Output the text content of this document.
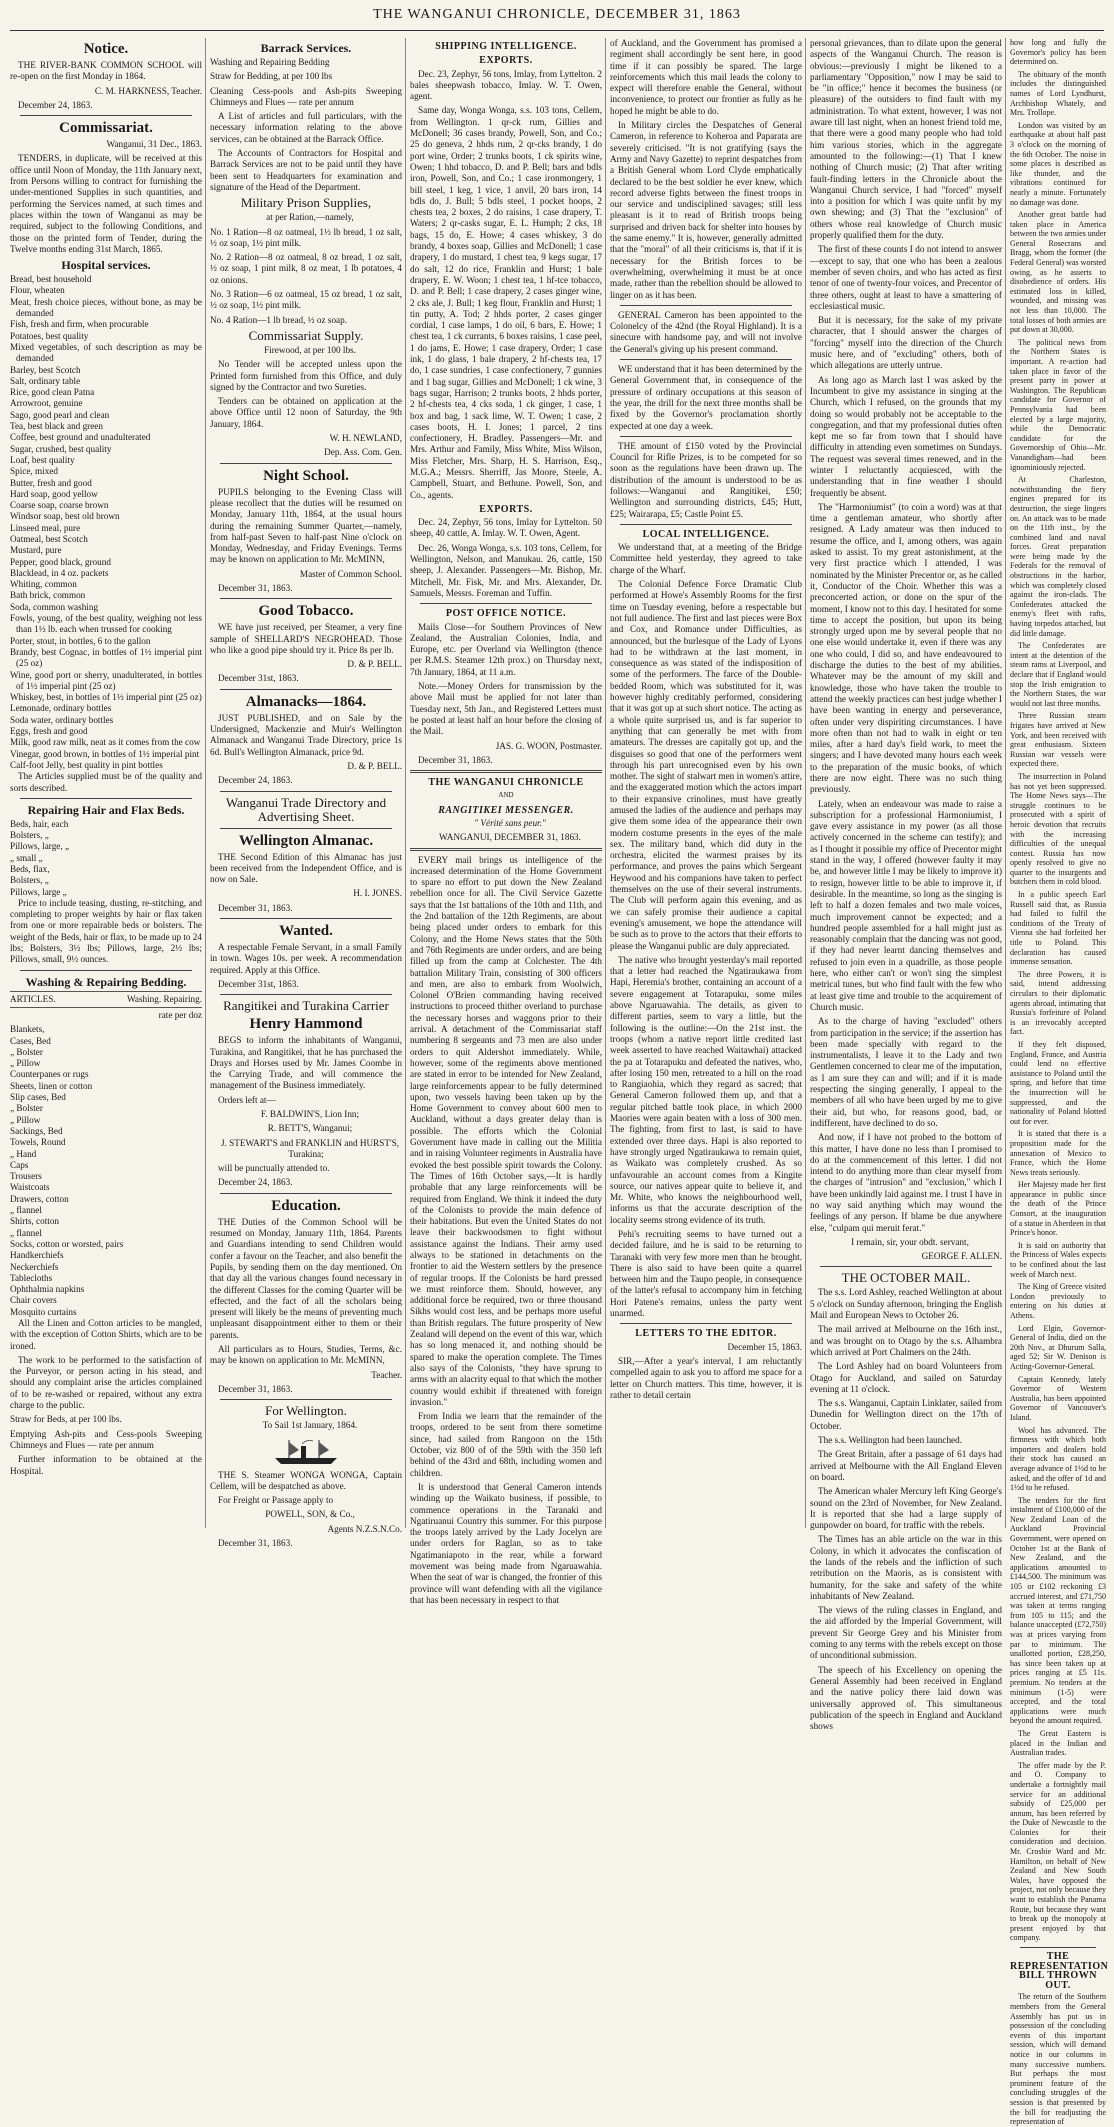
THE WANGANUI CHRONICLE, DECEMBER 31, 1863
Notice.

THE RIVER-BANK COMMON SCHOOL will re-open on the first Monday in 1864.

C. M. HARKNESS, Teacher.

December 24, 1863.

Commissariat.

Wanganui, 31 Dec., 1863.

TENDERS, in duplicate, will be received at this office until Noon of Monday, the 11th January next, from Persons willing to contract for furnishing the under-mentioned Supplies in such quantities, and performing the Services named, at such times and places within the town of Wanganui as may be required, subject to the following Conditions, and those on the printed form of Tender, during the Twelve months ending 31st March, 1865.

Hospital services.
Bread, best household
Flour, wheaten
Meat, fresh choice pieces, without bone, as may be demanded
Fish, fresh and firm, when procurable
Potatoes, best quality
Mixed vegetables, of such description as may be demanded
Barley, best Scotch
Salt, ordinary table
Rice, good clean Patna
Arrowroot, genuine
Sago, good pearl and clean
Tea, best black and green
Coffee, best ground and unadulterated
Sugar, crushed, best quality
Loaf, best quality
Spice, mixed
Butter, fresh and good
Hard soap, good yellow
Coarse soap, coarse brown
Windsor soap, best old brown
Linseed meal, pure
Oatmeal, best Scotch
Mustard, pure
Pepper, good black, ground
Blacklead, in 4 oz. packets
Whiting, common
Bath brick, common
Soda, common washing
Fowls, young, of the best quality, weighing not less than 1½ lb. each when trussed for cooking
Porter, stout, in bottles, 6 to the gallon
Brandy, best Cognac, in bottles of 1½ imperial pint (25 oz)
Wine, good port or sherry, unadulterated, in bottles of 1½ imperial pint (25 oz)
Whiskey, best, in bottles of 1½ imperial pint (25 oz)
Lemonade, ordinary bottles
Soda water, ordinary bottles
Eggs, fresh and good
Milk, good raw milk, neat as it comes from the cow
Vinegar, good brown, in bottles of 1½ imperial pint
Calf-foot Jelly, best quality in pint bottles

The Articles supplied must be of the quality and sorts described.

Repairing Hair and Flax Beds.
Beds, hair, each
Bolsters, „
Pillows, large, „
„ small „
Beds, flax,
Bolsters, „
Pillows, large „

Price to include teasing, dusting, re-stitching, and completing to proper weights by hair or flax taken from one or more repairable beds or bolsters. The weight of the Beds, hair or flax, to be made up to 24 lbs; Bolsters, 3½ lbs; Pillows, large, 2½ lbs; Pillows, small, 9½ ounces.

Washing & Repairing Bedding.
ARTICLES.	Washing. Repairing.

rate per doz

Blankets,
Cases, Bed
„ Bolster
„ Pillow
Counterpanes or rugs
Sheets, linen or cotton
Slip cases, Bed
„ Bolster
„ Pillow
Sackings, Bed
Towels, Round
„ Hand
Caps
Trousers
Waistcoats
Drawers, cotton
„ flannel
Shirts, cotton
„ flannel
Socks, cotton or worsted, pairs
Handkerchiefs
Neckerchiefs
Tablecloths
Ophthalmia napkins
Chair covers
Mosquito curtains

All the Linen and Cotton articles to be mangled, with the exception of Cotton Shirts, which are to be ironed.

The work to be performed to the satisfaction of the Purveyor, or person acting in his stead, and should any complaint arise the articles complained of to be re-washed or repaired, without any extra charge to the public.

Straw for Beds, at per 100 lbs.

Emptying Ash-pits and Cess-pools Sweeping Chimneys and Flues — rate per annum

Further information to be obtained at the Hospital.

Barrack Services.

Washing and Repairing Bedding

Straw for Bedding, at per 100 lbs

Cleaning Cess-pools and Ash-pits Sweeping Chimneys and Flues — rate per annum

A List of articles and full particulars, with the necessary information relating to the above services, can be obtained at the Barrack Office.

The Accounts of Contractors for Hospital and Barrack Services are not to be paid until they have been sent to Headquarters for examination and signature of the Head of the Department.

Military Prison Supplies,

at per Ration,—namely,

No. 1 Ration—8 oz oatmeal, 1½ lb bread, 1 oz salt, ½ oz soap, 1½ pint milk.

No. 2 Ration—8 oz oatmeal, 8 oz bread, 1 oz salt, ½ oz soap, 1 pint milk, 8 oz meat, 1 lb potatoes, 4 oz onions.

No. 3 Ration—6 oz oatmeal, 15 oz bread, 1 oz salt, ½ oz soap, 1½ pint milk.

No. 4 Ration—1 lb bread, ½ oz soap.

Commissariat Supply.

Firewood, at per 100 lbs.

No Tender will be accepted unless upon the Printed form furnished from this Office, and duly signed by the Contractor and two Sureties.

Tenders can be obtained on application at the above Office until 12 noon of Saturday, the 9th January, 1864.

W. H. NEWLAND,

Dep. Ass. Com. Gen.

Night School.

PUPILS belonging to the Evening Class will please recollect that the duties will be resumed on Monday, January 11th, 1864, at the usual hours during the remaining Summer Quarter,—namely, from half-past Seven to half-past Nine o'clock on Monday, Wednesday, and Friday Evenings. Terms may be known on application to Mr. McMINN,

Master of Common School.

December 31, 1863.

Good Tobacco.

WE have just received, per Steamer, a very fine sample of SHELLARD'S NEGROHEAD. Those who like a good pipe should try it. Price 8s per lb.

D. & P. BELL.

December 31st, 1863.

Almanacks—1864.

JUST PUBLISHED, and on Sale by the Undersigned, Mackenzie and Muir's Wellington Almanack and Wanganui Trade Directory, price 1s 6d. Bull's Wellington Almanack, price 9d.

D. & P. BELL.

December 24, 1863.

Wanganui Trade Directory and Advertising Sheet.
Wellington Almanac.

THE Second Edition of this Almanac has just been received from the Independent Office, and is now on Sale.

H. I. JONES.

December 31, 1863.

Wanted.

A respectable Female Servant, in a small Family in town. Wages 10s. per week. A recommendation required. Apply at this Office.

December 31st, 1863.

Rangitikei and Turakina Carrier
Henry Hammond

BEGS to inform the inhabitants of Wanganui, Turakina, and Rangitikei, that he has purchased the Drays and Horses used by Mr. James Coombe in the Carrying Trade, and will commence the management of the Business immediately.

Orders left at—

F. BALDWIN'S, Lion Inn;

R. BETT'S, Wanganui;

J. STEWART'S and FRANKLIN and HURST'S, Turakina;

will be punctually attended to.

December 24, 1863.

Education.

THE Duties of the Common School will be resumed on Monday, January 11th, 1864. Parents and Guardians intending to send Children would confer a favour on the Teacher, and also benefit the Pupils, by sending them on the day mentioned. On that day all the various changes found necessary in the different Classes for the coming Quarter will be effected, and the fact of all the scholars being present will likely be the means of preventing much unpleasant disappointment either to them or their parents.

All particulars as to Hours, Studies, Terms, &c. may be known on application to Mr. McMINN,

Teacher.

December 31, 1863.

For Wellington.

To Sail 1st January, 1864.

THE S. Steamer WONGA WONGA, Captain Cellem, will be despatched as above.

For Freight or Passage apply to

POWELL, SON, & Co.,

Agents N.Z.S.N.Co.

December 31, 1863.

SHIPPING INTELLIGENCE.
EXPORTS.

Dec. 23, Zephyr, 56 tons, Imlay, from Lyttelton. 2 bales sheepwash tobacco, Imlay. W. T. Owen, agent.

Same day, Wonga Wonga, s.s. 103 tons, Cellem, from Wellington. 1 qr-ck rum, Gillies and McDonell; 36 cases brandy, Powell, Son, and Co.; 25 do geneva, 2 hhds rum, 2 qr-cks brandy, 1 do port wine, Order; 2 trunks boots, 1 ck spirits wine, Owen; 1 hhd tobacco, D. and P. Bell; bars and bdls iron, Powell, Son, and Co.; 1 case ironmongery, 1 bill steel, 1 keg, 1 vice, 1 anvil, 20 bars iron, 14 bdls do, J. Bull; 5 bdls steel, 1 pocket hoops, 2 chests tea, 2 boxes, 2 do raisins, 1 case drapery, T. Waters; 2 qr-casks sugar, E. L. Humph; 2 cks, 18 bags, 15 do, E. Howe; 4 cases whiskey, 3 do brandy, 4 boxes soap, Gillies and McDonell; 1 case drapery, 1 do mustard, 1 chest tea, 9 kegs sugar, 17 do salt, 12 do rice, Franklin and Hurst; 1 bale drapery, E. W. Woon; 1 chest tea, 1 hf-tce tobacco, D. and P. Bell; 1 case drapery, 2 cases ginger wine, 2 cks ale, J. Bull; 1 keg flour, Franklin and Hurst; 1 tin putty, A. Tod; 2 hhds porter, 2 cases ginger cordial, 1 case lamps, 1 do oil, 6 bars, E. Howe; 1 chest tea, 1 ck currants, 6 boxes raisins, 1 case peel, 1 do jams, E. Howe; 1 case drapery, Order; 1 case ink, 1 do glass, 1 bale drapery, 2 hf-chests tea, 17 do, 1 case sundries, 1 case confectionery, 7 gunnies and 1 bag sugar, Gillies and McDonell; 1 ck wine, 3 bags sugar, Harrison; 2 trunks boots, 2 hhds porter, 2 hf-chests tea, 4 cks soda, 1 ck ginger, 1 case, 1 box and bag, 1 sack lime, W. T. Owen; 1 case, 2 cases boots, H. I. Jones; 1 parcel, 2 tins confectionery, H. Bradley. Passengers—Mr. and Mrs. Arthur and Family, Miss White, Miss Wilson, Miss Fletcher, Mrs. Sharp, H. S. Harrison, Esq., M.G.A.; Messrs. Sherriff, Jas Moore, Steele, A. Campbell, Stuart, and Bethune. Powell, Son, and Co., agents.

EXPORTS.

Dec. 24, Zephyr, 56 tons, Imlay for Lyttelton. 50 sheep, 40 cattle, A. Imlay. W. T. Owen, Agent.

Dec. 26, Wonga Wonga, s.s. 103 tons, Cellem, for Wellington, Nelson, and Manukau. 26, cattle, 150 sheep, J. Alexander. Passengers—Mr. Bishop, Mr. Mitchell, Mr. Fisk, Mr. and Mrs. Alexander, Dr. Samuels, Messrs. Foreman and Tuffin.

POST OFFICE NOTICE.

Mails Close—for Southern Provinces of New Zealand, the Australian Colonies, India, and Europe, etc. per Overland via Wellington (thence per R.M.S. Steamer 12th prox.) on Thursday next, 7th January, 1864, at 11 a.m.

Note.—Money Orders for transmission by the above Mail must be applied for not later than Tuesday next, 5th Jan., and Registered Letters must be posted at least half an hour before the closing of the Mail.

JAS. G. WOON, Postmaster.

December 31, 1863.

THE WANGANUI CHRONICLE
AND
RANGITIKEI MESSENGER.

" Vérité sans peur."

WANGANUI, DECEMBER 31, 1863.

EVERY mail brings us intelligence of the increased determination of the Home Government to spare no effort to put down the New Zealand rebellion once for all. The Civil Service Gazette says that the 1st battalions of the 10th and 11th, and the 2nd battalion of the 12th Regiments, are about being placed under orders to embark for this Colony, and the Home News states that the 50th and 76th Regiments are under orders, and are being filled up from the camp at Colchester. The 4th battalion Military Train, consisting of 300 officers and men, are also to embark from Woolwich, Colonel O'Brien commanding having received instructions to proceed thither overland to purchase the necessary horses and waggons prior to their arrival. A detachment of the Commissariat staff numbering 8 sergeants and 73 men are also under orders to quit Aldershot immediately. While, however, some of the regiments above mentioned are stated in error to be intended for New Zealand, large reinforcements appear to be fully determined upon, two vessels having been taken up by the Home Government to convey about 600 men to Auckland, without a days greater delay than is possible. The efforts which the Colonial Government have made in calling out the Militia and in raising Volunteer regiments in Australia have evoked the best possible spirit towards the Colony. The Times of 16th October says,—It is hardly probable that any large reinforcements will be required from England. We think it indeed the duty of the Colonists to provide the main defence of their habitations. But even the United States do not leave their backwoodsmen to fight without assistance against the Indians. Their army used always to be stationed in detachments on the frontier to aid the Western settlers by the presence of regular troops. If the Colonists be hard pressed we must reinforce them. Should, however, any additional force be required, two or three thousand Sikhs would cost less, and be perhaps more useful than British regulars. The future prosperity of New Zealand will depend on the event of this war, which has so long menaced it, and nothing should be spared to make the operation complete. The Times also says of the Colonists, "they have sprung to arms with an alacrity equal to that which the mother country would exhibit if threatened with foreign invasion."

From India we learn that the remainder of the troops, ordered to be sent from there sometime since, had sailed from Rangoon on the 15th October, viz 800 of of the 59th with the 350 left behind of the 43rd and 68th, including women and children.

It is understood that General Cameron intends winding up the Waikato business, if possible, to commence operations in the Taranaki and Ngatiruanui Country this summer. For this purpose the troops lately arrived by the Lady Jocelyn are under orders for Raglan, so as to take Ngatimaniapoto in the rear, while a forward movement was being made from Ngaruawahia. When the seat of war is changed, the frontier of this province will want defending with all the vigilance that has been necessary in respect to that

of Auckland, and the Government has promised a regiment shall accordingly be sent here, in good time if it can possibly be spared. The large reinforcements which this mail leads the colony to expect will therefore enable the General, without inconvenience, to protect our frontier as fully as he hoped he might be able to do.

In Military circles the Despatches of General Cameron, in reference to Koheroa and Paparata are severely criticised. "It is not gratifying (says the Army and Navy Gazette) to reprint despatches from a British General whom Lord Clyde emphatically declared to be the best soldier he ever knew, which record adverse fights between the finest troops in our service and undisciplined savages; still less pleasant is it to read of British troops being surprised and driven back for shelter into houses by the same enemy." It is, however, generally admitted that the "moral" of all their criticisms is, that if it is necessary for the British forces to be overwhelming, overwhelming it must be at once made, rather than the rebellion should be allowed to linger on as it has been.

GENERAL Cameron has been appointed to the Colonelcy of the 42nd (the Royal Highland). It is a sinecure with handsome pay, and will not involve the General's giving up his present command.

WE understand that it has been determined by the General Government that, in consequence of the pressure of ordinary occupations at this season of the year, the drill for the next three months shall be fixed by the Governor's proclamation shortly expected at one day a week.

THE amount of £150 voted by the Provincial Council for Rifle Prizes, is to be competed for so soon as the regulations have been drawn up. The distribution of the amount is understood to be as follows:—Wanganui and Rangitikei, £50; Wellington and surrounding districts, £45; Hutt, £25; Wairarapa, £5; Castle Point £5.

LOCAL INTELLIGENCE.

We understand that, at a meeting of the Bridge Committee held yesterday, they agreed to take charge of the Wharf.

The Colonial Defence Force Dramatic Club performed at Howe's Assembly Rooms for the first time on Tuesday evening, before a respectable but not full audience. The first and last pieces were Box and Cox, and Romance under Difficulties, as announced, but the burlesque of the Lady of Lyons had to be withdrawn at the last moment, in consequence as was stated of the indisposition of some of the performers. The farce of the Double-bedded Room, which was substituted for it, was however highly creditably performed, considering that it was got up at such short notice. The acting as a whole quite surprised us, and is far superior to anything that can generally be met with from amateurs. The dresses are capitally got up, and the disguises so good that one of the performers went through his part unrecognised even by his own mother. The sight of stalwart men in women's attire, and the exaggerated motion which the actors impart to their expansive crinolines, must have greatly amused the ladies of the audience and perhaps may give them some idea of the appearance their own modern costume presents in the eyes of the male sex. The military band, which did duty in the orchestra, elicited the warmest praises by its performance, and proves the pains which Sergeant Heywood and his companions have taken to perfect themselves on the use of their several instruments. The Club will perform again this evening, and as we can safely promise their audience a capital evening's amusement, we hope the attendance will be such as to prove to the actors that their efforts to please the Wanganui public are duly appreciated.

The native who brought yesterday's mail reported that a letter had reached the Ngatiraukawa from Hapi, Heremia's brother, containing an account of a severe engagement at Totarapuku, some miles above Ngaruawahia. The details, as given to different parties, seem to vary a little, but the following is the outline:—On the 21st inst. the troops (whom a native report little credited last week asserted to have reached Waitawhai) attacked the pa at Totarapuku and defeated the natives, who, after losing 150 men, retreated to a hill on the road to Rangiaohia, which they regard as sacred; that General Cameron followed them up, and that a regular pitched battle took place, in which 2000 Maories were again beaten with a loss of 300 men. The fighting, from first to last, is said to have extended over three days. Hapi is also reported to have strongly urged Ngatiraukawa to remain quiet, as Waikato was completely crushed. As so unfavourable an account comes from a Kingite source, our natives appear quite to believe it, and Mr. White, who knows the neighbourhood well, informs us that the accurate description of the locality seems strong evidence of its truth.

Pehi's recruiting seems to have turned out a decided failure, and he is said to be returning to Taranaki with very few more men than he brought. There is also said to have been quite a quarrel between him and the Taupo people, in consequence of the latter's refusal to accompany him in fetching Hori Patene's remains, unless the party went unarmed.

LETTERS TO THE EDITOR.

December 15, 1863.

SIR,—After a year's interval, I am reluctantly compelled again to ask you to afford me space for a letter on Church matters. This time, however, it is rather to detail certain

personal grievances, than to dilate upon the general aspects of the Wanganui Church. The reason is obvious:—previously I might be likened to a parliamentary "Opposition," now I may be said to be "in office;" hence it becomes the business (or pleasure) of the outsiders to find fault with my administration. To what extent, however, I was not aware till last night, when an honest friend told me, that there were a good many people who had told him various stories, which in the aggregate amounted to the following:—(1) That I knew nothing of Church music; (2) That after writing fault-finding letters in the Chronicle about the Wanganui Church service, I had "forced" myself into a position for which I was quite unfit by my own shewing; and (3) That the "exclusion" of others whose real knowledge of Church music properly qualified them for the duty.

The first of these counts I do not intend to answer—except to say, that one who has been a zealous member of seven choirs, and who has acted as first tenor of one of twenty-four voices, and Precentor of three others, ought at least to have a smattering of ecclesiastical music.

But it is necessary, for the sake of my private character, that I should answer the charges of "forcing" myself into the direction of the Church music here, and of "excluding" others, both of which allegations are utterly untrue.

As long ago as March last I was asked by the Incumbent to give my assistance in singing at the Church, which I refused, on the grounds that my doing so would probably not be acceptable to the congregation, and that my professional duties often kept me so far from town that I should have difficulty in attending even sometimes on Sundays. The request was several times renewed, and in the winter I reluctantly acquiesced, with the understanding that in fine weather I should frequently be absent.

The "Harmoniumist" (to coin a word) was at that time a gentleman amateur, who shortly after resigned. A Lady amateur was then induced to resume the office, and I, among others, was again asked to assist. To my great astonishment, at the very first practice which I attended, I was nominated by the Minister Precentor or, as he called it, Conductor of the Choir. Whether this was a preconcerted action, or done on the spur of the moment, I know not to this day. I hesitated for some time to accept the position, but upon its being strongly urged upon me by several people that no one else would undertake it, even if there was any one who could, I did so, and have endeavoured to discharge the duties to the best of my abilities. Whatever may be the amount of my skill and knowledge, those who have taken the trouble to attend the weekly practices can best judge whether I have been wanting in energy and perseverance, often under very dispiriting circumstances. I have more often than not had to walk in eight or ten miles, after a hard day's field work, to meet the singers; and I have devoted many hours each week to the preparation of the music books, of which there are now eight. There was no such thing previously.

Lately, when an endeavour was made to raise a subscription for a professional Harmoniumist, I gave every assistance in my power (as all those actively concerned in the scheme can testify); and as I thought it possible my office of Precentor might stand in the way, I offered (however faulty it may be, and however little I may be likely to improve it) to resign, however little to be able to improve it, if desirable. In the meantime, so long as the singing is left to half a dozen females and two male voices, much improvement cannot be expected; and a hundred people assembled for a hall might just as reasonably complain that the dancing was not good, if they had never learnt dancing themselves and refused to join even in a quadrille, as those people here, who either can't or won't sing the simplest metrical tunes, but who find fault with the few who at least give time and trouble to the acquirement of Church music.

As to the charge of having "excluded" others from participation in the service; if the assertion has been made specially with regard to the instrumentalists, I leave it to the Lady and two Gentlemen concerned to clear me of the imputation, as I am sure they can and will; and if it is made respecting the singing generally, I appeal to the members of all who have been urged by me to give their aid, but who, for reasons good, bad, or indifferent, have declined to do so.

And now, if I have not probed to the bottom of this matter, I have done no less than I promised to do at the commencement of this letter. I did not intend to do anything more than clear myself from the charges of "intrusion" and "exclusion," which I have been unkindly laid against me. I trust I have in no way said anything which may wound the feelings of any person. If blame be due anywhere else, "culpam qui meruit ferat."

I remain, sir, your obdt. servant,

GEORGE F. ALLEN.

THE OCTOBER MAIL.

The s.s. Lord Ashley, reached Wellington at about 5 o'clock on Sunday afternoon, bringing the English Mail and European News to October 26.

The mail arrived at Melbourne on the 16th inst., and was brought on to Otago by the s.s. Alhambra which arrived at Port Chalmers on the 24th.

The Lord Ashley had on board Volunteers from Otago for Auckland, and sailed on Saturday evening at 11 o'clock.

The s.s. Wanganui, Captain Linklater, sailed from Dunedin for Wellington direct on the 17th of October.

The s.s. Wellington had been launched.

The Great Britain, after a passage of 61 days had arrived at Melbourne with the All England Eleven on board.

The American whaler Mercury left King George's sound on the 23rd of November, for New Zealand. It is reported that she had a large supply of gunpowder on board, for traffic with the rebels.

The Times has an able article on the war in this Colony, in which it advocates the confiscation of the lands of the rebels and the infliction of such retribution on the Maoris, as is consistent with humanity, for the sake and safety of the white inhabitants of New Zealand.

The views of the ruling classes in England, and the aid afforded by the Imperial Government, will prevent Sir George Grey and his Minister from coming to any terms with the rebels except on those of unconditional submission.

The speech of his Excellency on opening the General Assembly had been received in England and the native policy there laid down was universally approved of. This simultaneous publication of the speech in England and Auckland shows

how long and fully the Governor's policy has been determined on.

The obituary of the month includes the distinguished names of Lord Lyndhurst, Archbishop Whately, and Mrs. Trollope.

London was visited by an earthquake at about half past 3 o'clock on the morning of the 6th October. The noise in some places is described as like thunder, and the vibrations continued for nearly a minute. Fortunately no damage was done.

Another great battle had taken place in America between the two armies under General Rosecrans and Bragg, whom the former (the Federal General) was worsted owing, as he asserts to disobedience of orders. His estimated loss in killed, wounded, and missing was not less than 10,000. The total losses of both armies are put down at 30,000.

The political news from the Northern States is important. A re-action had taken place in favor of the present party in power at Washington. The Republican candidate for Governor of Pennsylvania had been elected by a large majority, while the Democratic candidate for the Governorship of Ohio—Mr. Vanandigham—had been ignominiously rejected.

At Charleston, notwithstanding the fiery engines prepared for its destruction, the siege lingers on. An attack was to be made on the 11th inst., by the combined land and naval forces. Great preparation were being made by the Federals for the removal of obstructions in the harbor, which was completely closed against the iron-clads. The Confederates attacked the enemy's fleet with rafts, having torpedos attached, but did little damage.

The Confederates are intent at the detention of the steam rams at Liverpool, and declare that if England would stop the Irish emigration to the Northern States, the war would not last three months.

Three Russian steam frigates have arrived at New York, and been received with great enthusiasm. Sixteen Russian war vessels were expected there.

The insurrection in Poland has not yet been suppressed. The Home News says—The struggle continues to be prosecuted with a spirit of heroic devotion that recruits with the increasing difficulties of the unequal contest. Russia has now openly resolved to give no quarter to the insurgents and butchers them in cold blood.

In a public speech Earl Russell said that, as Russia had failed to fulfil the conditions of the Treaty of Vienna she had forfeited her title to Poland. This declaration has caused immense sensation.

The three Powers, it is said, intend addressing circulars to their diplomatic agents abroad, intimating that Russia's forfeiture of Poland is an irrevocably accepted fact.

If they felt disposed, England, France, and Austria could lend no effective assistance to Poland until the spring, and before that time the insurrection will be suppressed, and the nationality of Poland blotted out for ever.

It is stated that there is a proposition made for the annexation of Mexico to France, which the Home News treats seriously.

Her Majesty made her first appearance in public since the death of the Prince Consort, at the inauguration of a statue in Aberdeen in that Prince's honor.

It is said on authority that the Princess of Wales expects to be confined about the last week of March next.

The King of Greece visited London previously to entering on his duties at Athens.

Lord Elgin, Governor-General of India, died on the 20th Nov., at Dhurum Salla, aged 52; Sir W. Denison is Acting-Governor-General.

Captain Kennedy, lately Governor of Western Australia, has been appointed Governor of Vancouver's Island.

Wool has advanced. The firmness with which both importers and dealers hold their stock has caused an average advance of 1½d to be asked, and the offer of 1d and 1½d to be refused.

The tenders for the first instalment of £100,000 of the New Zealand Loan of the Auckland Provincial Government, were opened on October 1st at the Bank of New Zealand, and the applications amounted to £144,500. The minimum was 105 or £102 reckoning £3 accrued interest, and £71,750 was taken at terms ranging from 105 to 115; and the balance unaccepted (£72,750) was at prices varying from par to minimum. The unallotted portion, £28,250, has since been taken up at prices ranging at £5 11s. premium. No tenders at the minimum (1-5) were accepted, and the total applications were much beyond the amount required.

The Great Eastern is placed in the Indian and Australian trades.

The offer made by the P. and O. Company to undertake a fortnightly mail service for an additional subsidy of £25,000 per annum, has been referred by the Duke of Newcastle to the Colonies for their consideration and decision. Mr. Crosbie Ward and Mr. Hamilton, on behalf of New Zealand and New South Wales, have opposed the project, not only because they want to establish the Panama Route, but because they want to break up the monopoly at present enjoyed by that company.

THE REPRESENTATION BILL THROWN OUT.

The return of the Southern members from the General Assembly has put us in possession of the concluding events of this important session, which will demand notice in our columns in many successive numbers. But perhaps the most prominent feature of the concluding struggles of the session is that presented by the bill for readjusting the representation of
